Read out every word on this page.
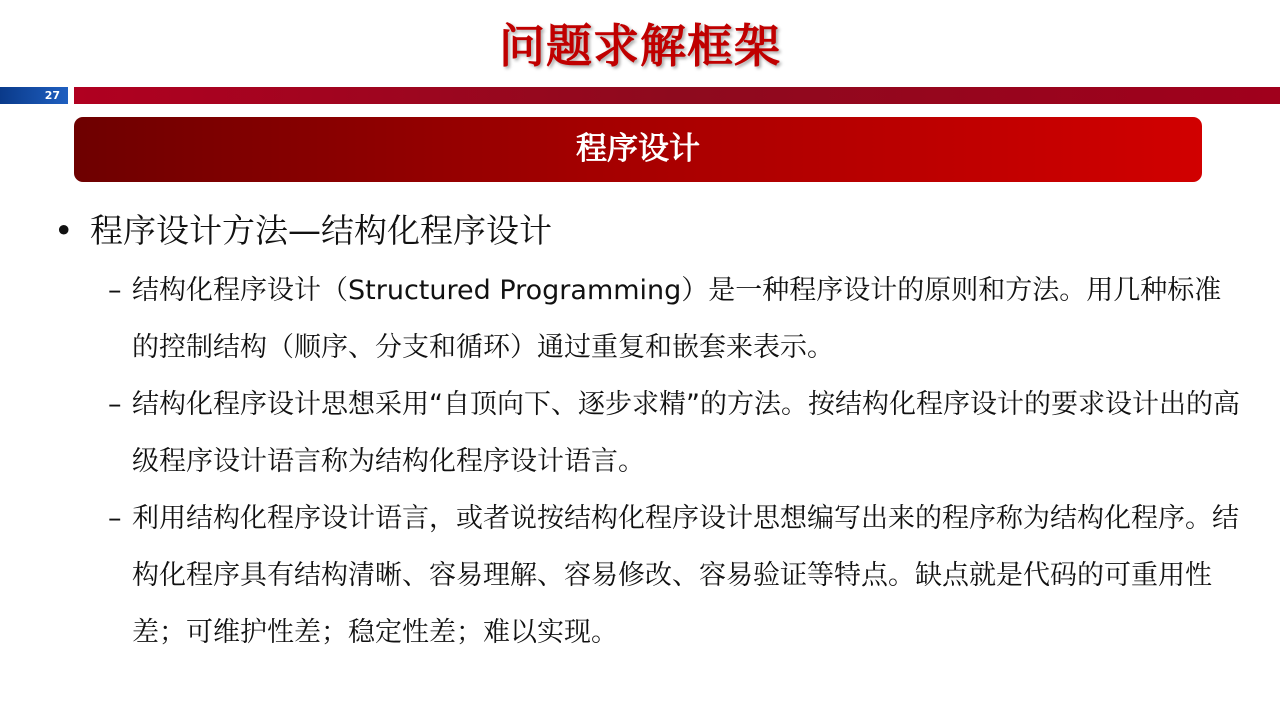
问题求解框架
27
程序设计
• 程序设计方法—结构化程序设计
– 结构化程序设计（Structured Programming）是一种程序设计的原则和方法。用几种标准的控制结构（顺序、分支和循环）通过重复和嵌套来表示。
– 结构化程序设计思想采用“自顶向下、逐步求精”的方法。按结构化程序设计的要求设计出的高级程序设计语言称为结构化程序设计语言。
– 利用结构化程序设计语言，或者说按结构化程序设计思想编写出来的程序称为结构化程序。结构化程序具有结构清晰、容易理解、容易修改、容易验证等特点。缺点就是代码的可重用性差；可维护性差；稳定性差；难以实现。
